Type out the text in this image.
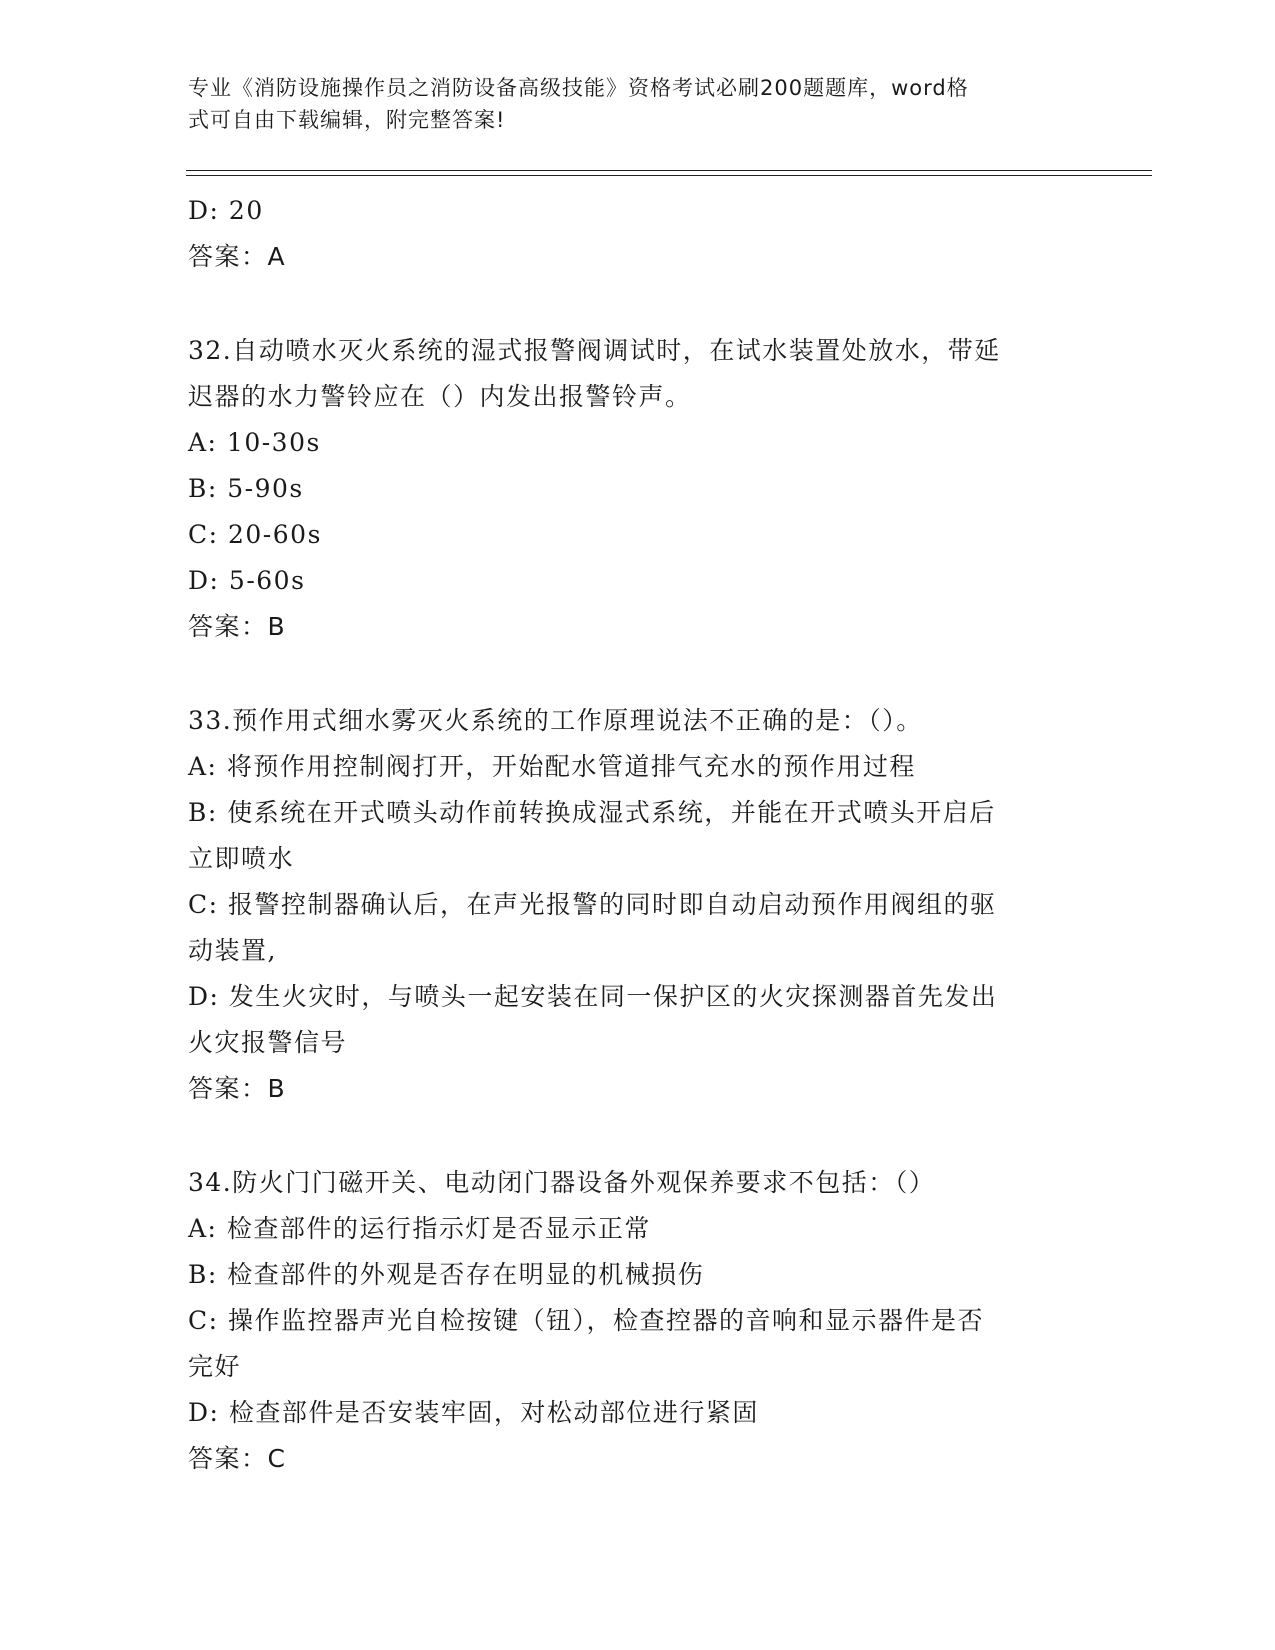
专业《消防设施操作员之消防设备高级技能》资格考试必刷200题题库，word格
式可自由下载编辑，附完整答案!
D: 20
答案：A
32.自动喷水灭火系统的湿式报警阀调试时，在试水装置处放水，带延
迟器的水力警铃应在（）内发出报警铃声。
A: 10-30s
B: 5-90s
C: 20-60s
D: 5-60s
答案：B
33.预作用式细水雾灭火系统的工作原理说法不正确的是：（）。
A: 将预作用控制阀打开，开始配水管道排气充水的预作用过程
B: 使系统在开式喷头动作前转换成湿式系统，并能在开式喷头开启后
立即喷水
C: 报警控制器确认后，在声光报警的同时即自动启动预作用阀组的驱
动装置,
D: 发生火灾时，与喷头一起安装在同一保护区的火灾探测器首先发出
火灾报警信号
答案：B
34.防火门门磁开关、电动闭门器设备外观保养要求不包括：（）
A: 检查部件的运行指示灯是否显示正常
B: 检查部件的外观是否存在明显的机械损伤
C: 操作监控器声光自检按键（钮），检查控器的音响和显示器件是否
完好
D: 检查部件是否安装牢固，对松动部位进行紧固
答案：C
